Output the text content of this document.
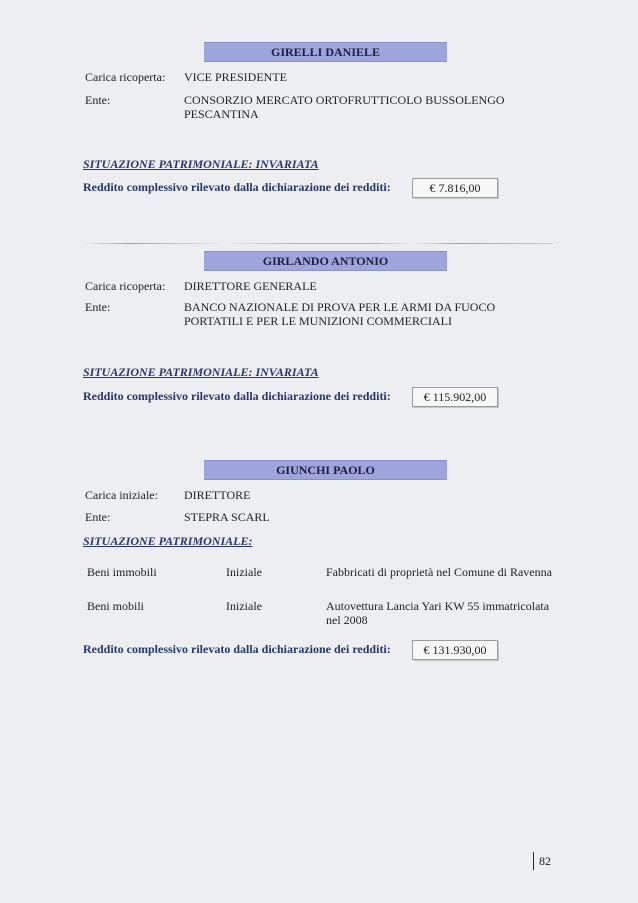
GIRELLI DANIELE
Carica ricoperta:	VICE PRESIDENTE
Ente:	CONSORZIO MERCATO ORTOFRUTTICOLO BUSSOLENGO
PESCANTINA
SITUAZIONE PATRIMONIALE: INVARIATA
Reddito complessivo rilevato dalla dichiarazione dei redditi:	€ 7.816,00
GIRLANDO ANTONIO
Carica ricoperta:	DIRETTORE GENERALE
Ente:	BANCO NAZIONALE DI PROVA PER LE ARMI DA FUOCO
PORTATILI E PER LE MUNIZIONI COMMERCIALI
SITUAZIONE PATRIMONIALE: INVARIATA
Reddito complessivo rilevato dalla dichiarazione dei redditi:	€ 115.902,00
GIUNCHI PAOLO
Carica iniziale:	DIRETTORE
Ente:	STEPRA SCARL
SITUAZIONE PATRIMONIALE:
Beni immobili	Iniziale	Fabbricati di proprietà nel Comune di Ravenna
Beni mobili	Iniziale	Autovettura Lancia Yari KW 55 immatricolata
nel 2008
Reddito complessivo rilevato dalla dichiarazione dei redditi:	€ 131.930,00
82
